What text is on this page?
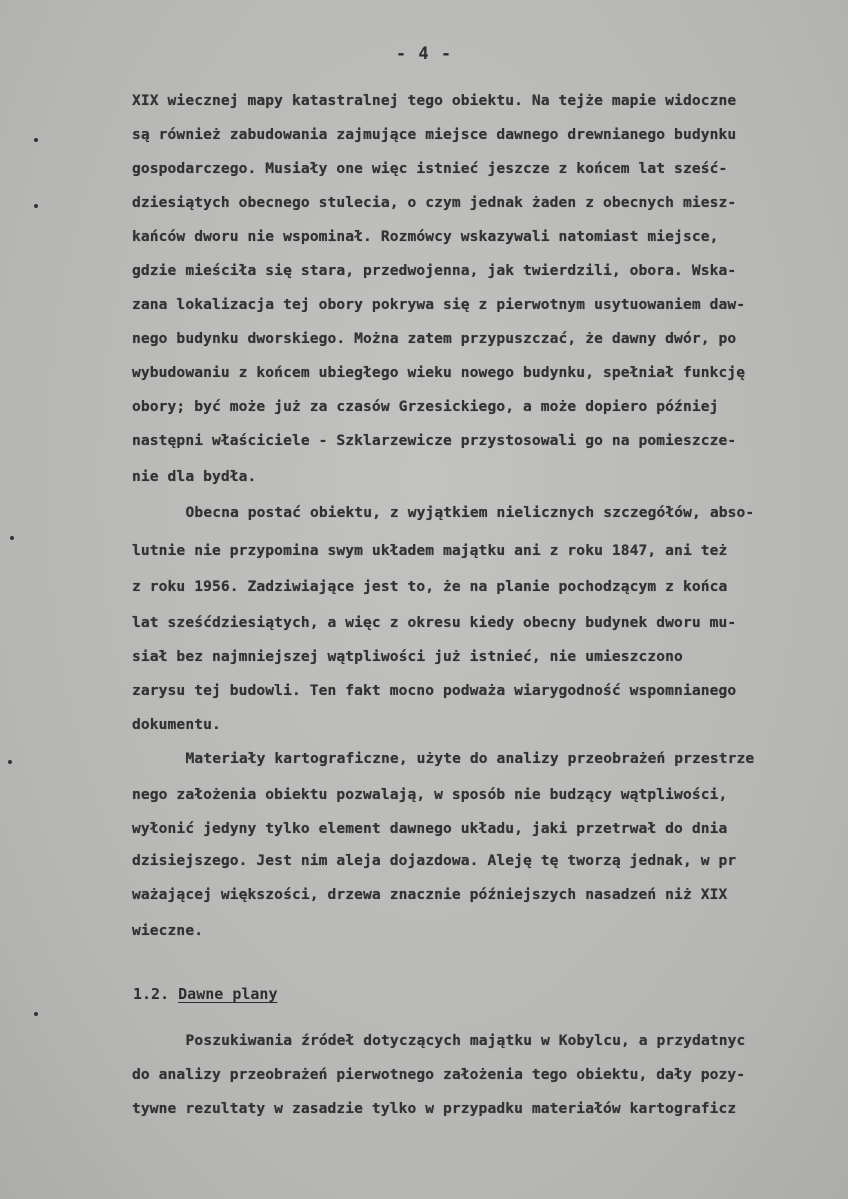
- 4 -
XIX wiecznej mapy katastralnej tego obiektu. Na tejże mapie widoczne
są również zabudowania zajmujące miejsce dawnego drewnianego budynku
gospodarczego. Musiały one więc istnieć jeszcze z końcem lat sześć-
dziesiątych obecnego stulecia, o czym jednak żaden z obecnych miesz-
kańców dworu nie wspominał. Rozmówcy wskazywali natomiast miejsce,
gdzie mieściła się stara, przedwojenna, jak twierdzili, obora. Wska-
zana lokalizacja tej obory pokrywa się z pierwotnym usytuowaniem daw-
nego budynku dworskiego. Można zatem przypuszczać, że dawny dwór, po
wybudowaniu z końcem ubiegłego wieku nowego budynku, spełniał funkcję
obory; być może już za czasów Grzesickiego, a może dopiero później
następni właściciele - Szklarzewicze przystosowali go na pomieszcze-
nie dla bydła.
Obecna postać obiektu, z wyjątkiem nielicznych szczegółów, abso-
lutnie nie przypomina swym układem majątku ani z roku 1847, ani też
z roku 1956. Zadziwiające jest to, że na planie pochodzącym z końca
lat sześćdziesiątych, a więc z okresu kiedy obecny budynek dworu mu-
siał bez najmniejszej wątpliwości już istnieć, nie umieszczono
zarysu tej budowli. Ten fakt mocno podważa wiarygodność wspomnianego
dokumentu.
Materiały kartograficzne, użyte do analizy przeobrażeń przestrze
nego założenia obiektu pozwalają, w sposób nie budzący wątpliwości,
wyłonić jedyny tylko element dawnego układu, jaki przetrwał do dnia
dzisiejszego. Jest nim aleja dojazdowa. Aleję tę tworzą jednak, w pr
ważającej większości, drzewa znacznie późniejszych nasadzeń niż XIX
wieczne.
1.2. Dawne plany
Poszukiwania źródeł dotyczących majątku w Kobylcu, a przydatnyc
do analizy przeobrażeń pierwotnego założenia tego obiektu, dały pozy-
tywne rezultaty w zasadzie tylko w przypadku materiałów kartograficz
